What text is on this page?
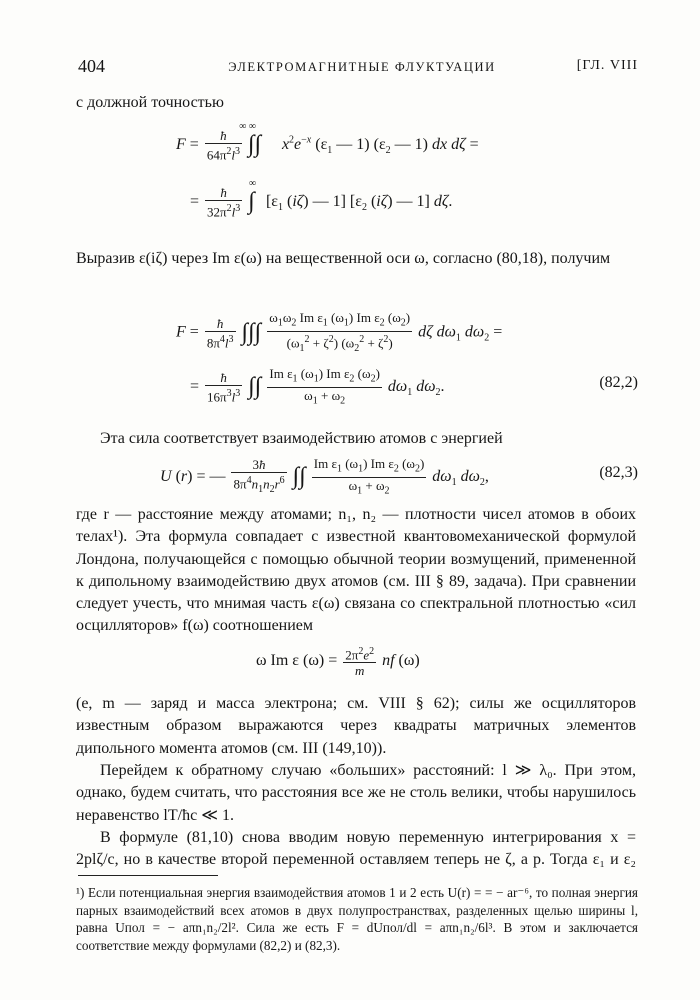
404	ЭЛЕКТРОМАГНИТНЫЕ ФЛУКТУАЦИИ	[ГЛ. VIII
с должной точностью
$F = \frac{ħ}{64\pi^2l^3} \int\int^{\infty \infty}$ $x^2e^{-x}$ ($\varepsilon_1$ — 1) ($\varepsilon_2$ — 1) dx dζ =
= $\frac{ħ}{32\pi^2l^3} \int^\infty$ [$\varepsilon_1$ (iζ) — 1] [$\varepsilon_2$ (iζ) — 1] dζ.
Выразив ε(iζ) через Im ε(ω) на вещественной оси ω, согласно (80,18), получим
$F = \frac{ħ}{8\pi^4l^3}$ ∫∫∫ $\frac{\omega_1\omega_2 Im \varepsilon_1 (\omega_1) Im \varepsilon_2 (\omega_2)}{(\omega_1^2 + \zeta^2) (\omega_2^2 + \zeta^2)}$ dζ $d\omega_1$ $d\omega_2$ =
= $\frac{ħ}{16\pi^3l^3}$ ∫∫ $\frac{Im \varepsilon_1 (\omega_1) Im \varepsilon_2 (\omega_2)}{\omega_1 + \omega_2} d\omega_1$ $d\omega_2$.	(82,2)
Эта сила соответствует взаимодействию атомов с энергией
U (r) = — $\frac{3ħ}{8\pi^4n_1n_2r^6}$ ∫∫ $\frac{Im \varepsilon_1 (\omega_1) Im \varepsilon_2 (\omega_2)}{\omega_1 + \omega_2} d\omega_1$ $d\omega_2$,	(82,3)
где r — расстояние между атомами; n₁, n₂ — плотности чисел атомов в обоих телах¹). Эта формула совпадает с известной квантовомеханической формулой Лондона, получающейся с помощью обычной теории возмущений, примененной к дипольному взаимодействию двух атомов (см. III § 89, задача). При сравнении следует учесть, что мнимая часть ε(ω) связана со спектральной плотностью «сил осцилляторов» f(ω) соотношением
ω Im ε $(\omega) = \frac{2\pi^2e^2}{m}$ nf (ω)
(e, m — заряд и масса электрона; см. VIII § 62); силы же осцилляторов известным образом выражаются через квадраты матричных элементов дипольного момента атомов (см. III (149,10)).
Перейдем к обратному случаю «больших» расстояний: l ≫ λ₀. При этом, однако, будем считать, что расстояния все же не столь велики, чтобы нарушилось неравенство lT/ħc ≪ 1.
В формуле (81,10) снова вводим новую переменную интегрирования x = 2plζ/c, но в качестве второй переменной оставляем теперь не ζ, а p. Тогда ε₁ и ε₂
¹) Если потенциальная энергия взаимодействия атомов 1 и 2 есть U(r) = = − ar⁻⁶, то полная энергия парных взаимодействий всех атомов в двух полупространствах, разделенных щелью ширины l, равна Uпол = − aπn₁n₂/2l². Сила же есть F = dUпол/dl = aπn₁n₂/6l³. В этом и заключается соответствие между формулами (82,2) и (82,3).
